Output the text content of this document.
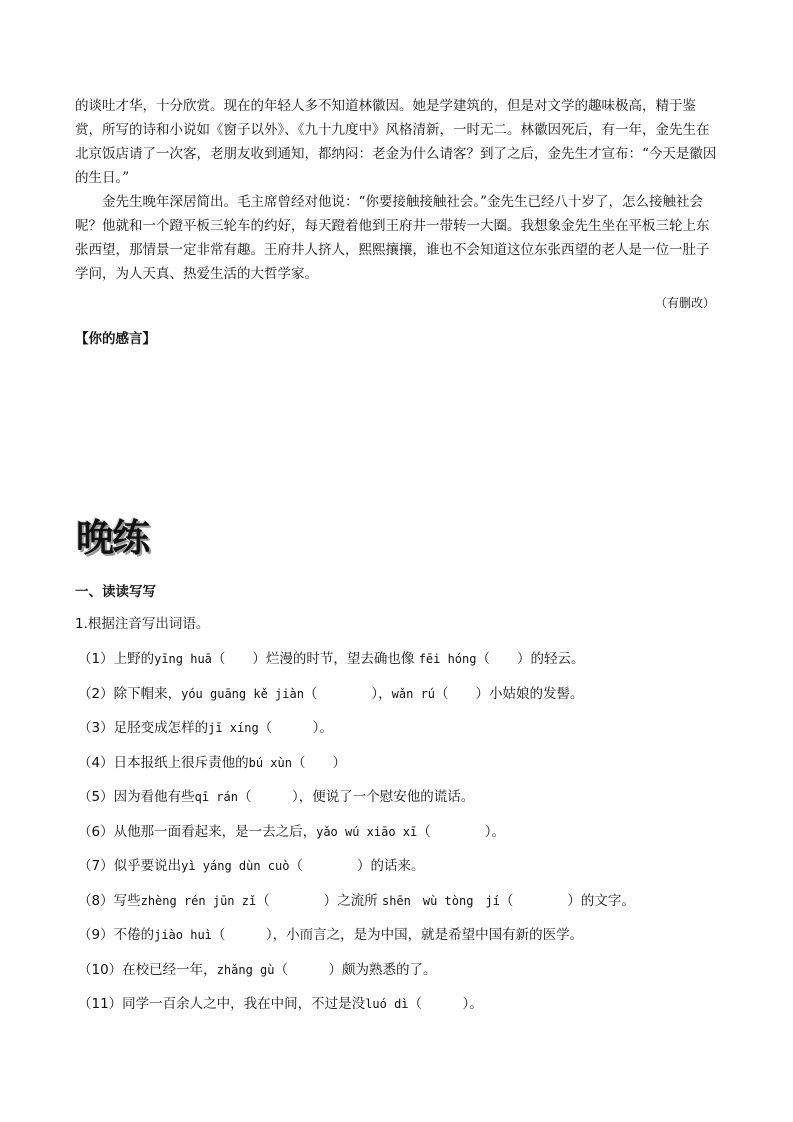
的谈吐才华，十分欣赏。现在的年轻人多不知道林徽因。她是学建筑的，但是对文学的趣味极高，精于鉴赏，所写的诗和小说如《窗子以外》、《九十九度中》风格清新，一时无二。林徽因死后，有一年，金先生在北京饭店请了一次客，老朋友收到通知，都纳闷：老金为什么请客？到了之后，金先生才宣布：“今天是徽因的生日。”

金先生晚年深居简出。毛主席曾经对他说：“你要接触接触社会。”金先生已经八十岁了，怎么接触社会呢？他就和一个蹬平板三轮车的约好，每天蹬着他到王府井一带转一大圈。我想象金先生坐在平板三轮上东张西望，那情景一定非常有趣。王府井人挤人，熙熙攘攘，谁也不会知道这位东张西望的老人是一位一肚子学问，为人天真、热爱生活的大哲学家。

（有删改）
【你的感言】
晚练
一、读读写写
1.根据注音写出词语。
（1）上野的yīng huā（　　）烂漫的时节，望去确也像 fēi hóng（　　）的轻云。
（2）除下帽来，yóu guāng kě jiàn（　　　　），wǎn rú（　　）小姑娘的发髻。
（3）足胫变成怎样的jī xíng（　　　）。
（4）日本报纸上很斥责他的bú xùn（　　）
（5）因为看他有些qī rán（　　　），便说了一个慰安他的谎话。
（6）从他那一面看起来，是一去之后，yǎo wú xiāo xī（　　　　）。
（7）似乎要说出yì yáng dùn cuò（　　　　）的话来。
（8）写些zhèng rén jūn zǐ（　　　　）之流所 shēn　wù tòng　jí（　　　　）的文字。
（9）不倦的jiào huì（　　　），小而言之，是为中国，就是希望中国有新的医学。
（10）在校已经一年，zhǎng gù（　　　）颇为熟悉的了。
（11）同学一百余人之中，我在中间，不过是没luó dì（　　　）。
